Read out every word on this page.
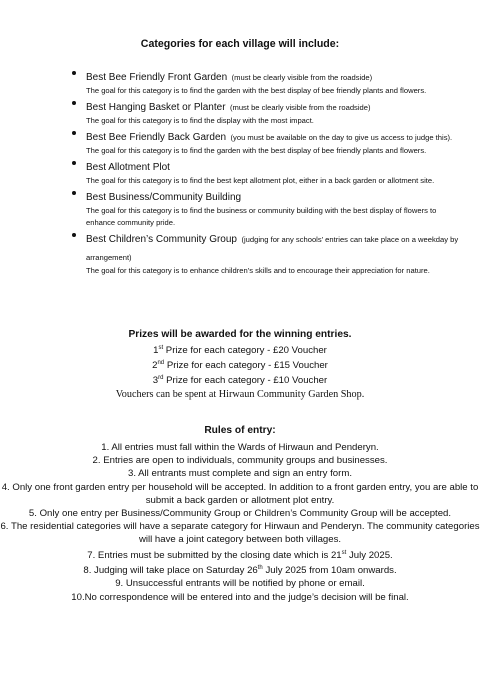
Categories for each village will include:
Best Bee Friendly Front Garden (must be clearly visible from the roadside)
The goal for this category is to find the garden with the best display of bee friendly plants and flowers.
Best Hanging Basket or Planter (must be clearly visible from the roadside)
The goal for this category is to find the display with the most impact.
Best Bee Friendly Back Garden (you must be available on the day to give us access to judge this).
The goal for this category is to find the garden with the best display of bee friendly plants and flowers.
Best Allotment Plot
The goal for this category is to find the best kept allotment plot, either in a back garden or allotment site.
Best Business/Community Building
The goal for this category is to find the business or community building with the best display of flowers to enhance community pride.
Best Children’s Community Group (judging for any schools’ entries can take place on a weekday by arrangement)
The goal for this category is to enhance children’s skills and to encourage their appreciation for nature.
Prizes will be awarded for the winning entries.
1st Prize for each category - £20 Voucher
2nd Prize for each category - £15 Voucher
3rd Prize for each category - £10 Voucher
Vouchers can be spent at Hirwaun Community Garden Shop.
Rules of entry:
1. All entries must fall within the Wards of Hirwaun and Penderyn.
2. Entries are open to individuals, community groups and businesses.
3. All entrants must complete and sign an entry form.
4. Only one front garden entry per household will be accepted. In addition to a front garden entry, you are able to submit a back garden or allotment plot entry.
5. Only one entry per Business/Community Group or Children’s Community Group will be accepted.
6. The residential categories will have a separate category for Hirwaun and Penderyn. The community categories will have a joint category between both villages.
7. Entries must be submitted by the closing date which is 21st July 2025.
8. Judging will take place on Saturday 26th July 2025 from 10am onwards.
9. Unsuccessful entrants will be notified by phone or email.
10.No correspondence will be entered into and the judge’s decision will be final.
